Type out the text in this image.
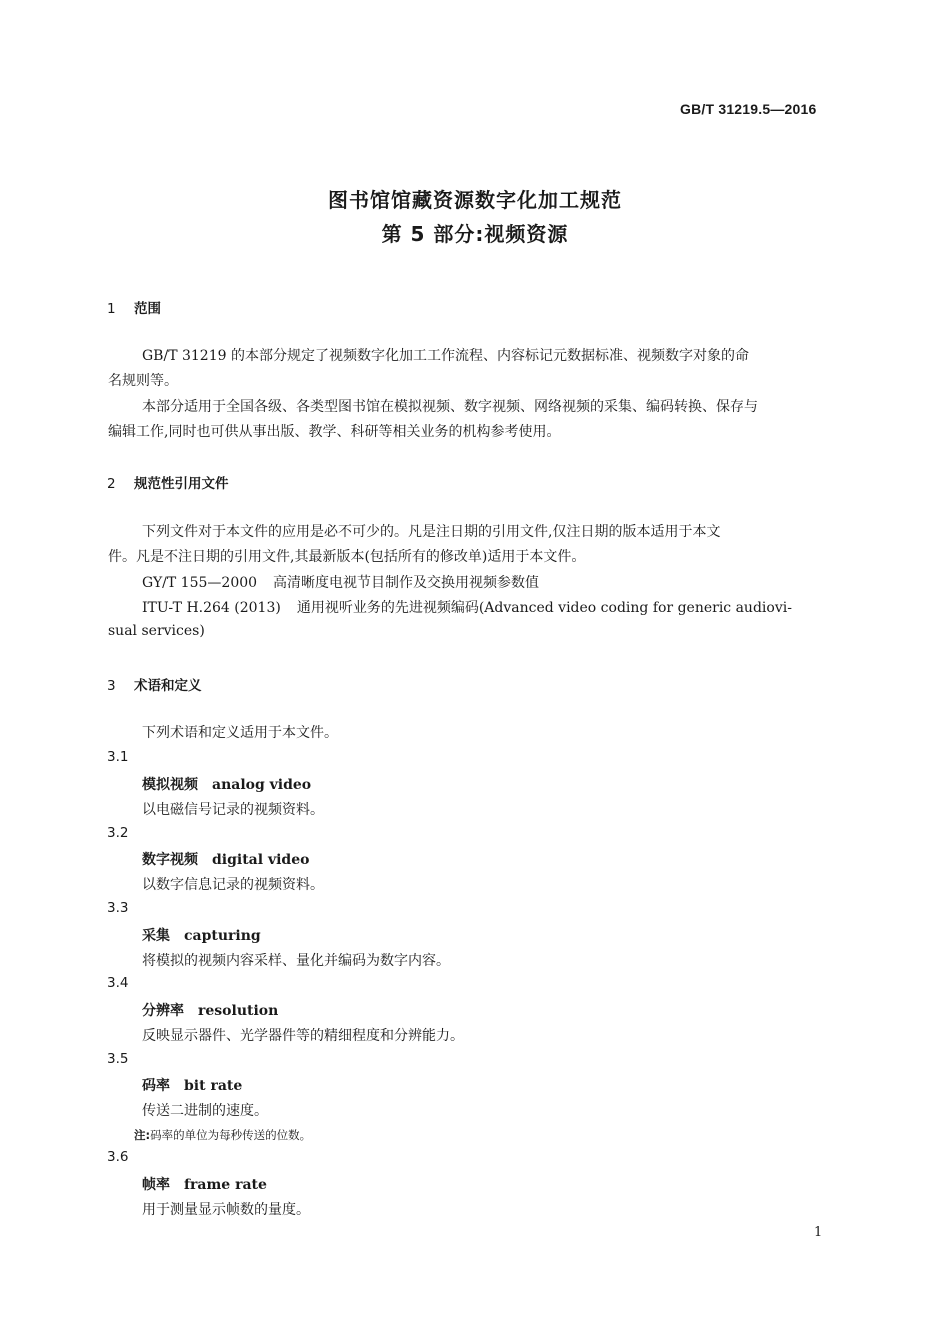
GB/T 31219.5—2016
图书馆馆藏资源数字化加工规范
第 5 部分:视频资源
1 范围
GB/T 31219 的本部分规定了视频数字化加工工作流程、内容标记元数据标准、视频数字对象的命
名规则等。
本部分适用于全国各级、各类型图书馆在模拟视频、数字视频、网络视频的采集、编码转换、保存与
编辑工作,同时也可供从事出版、教学、科研等相关业务的机构参考使用。
2 规范性引用文件
下列文件对于本文件的应用是必不可少的。凡是注日期的引用文件,仅注日期的版本适用于本文
件。凡是不注日期的引用文件,其最新版本(包括所有的修改单)适用于本文件。
GY/T 155—2000 高清晰度电视节目制作及交换用视频参数值
ITU-T H.264 (2013) 通用视听业务的先进视频编码(Advanced video coding for generic audiovi-
sual services)
3 术语和定义
下列术语和定义适用于本文件。
3.1
模拟视频 analog video
以电磁信号记录的视频资料。
3.2
数字视频 digital video
以数字信息记录的视频资料。
3.3
采集 capturing
将模拟的视频内容采样、量化并编码为数字内容。
3.4
分辨率 resolution
反映显示器件、光学器件等的精细程度和分辨能力。
3.5
码率 bit rate
传送二进制的速度。
注:码率的单位为每秒传送的位数。
3.6
帧率 frame rate
用于测量显示帧数的量度。
1
